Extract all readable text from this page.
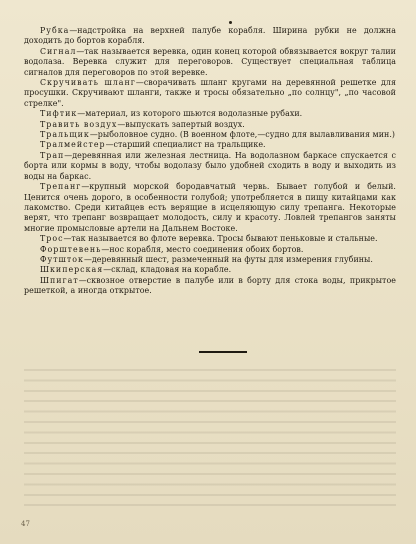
Рубка—надстройка на верхней палубе корабля. Ширина рубки не должна доходить до бортов корабля.

Сигнал—так называется веревка, один конец которой обвязывается вокруг талии водолаза. Веревка служит для переговоров. Существует специальная таблица сигналов для переговоров по этой веревке.

Скручивать шланг—сворачивать шланг кругами на деревянной решетке для просушки. Скручивают шланги, также и тросы обязательно „по солнцу", „по часовой стрелке".

Тифтик—материал, из которого шьются водолазные рубахи.

Травить воздух—выпускать запертый воздух.

Тральщик—рыболовное судно. (В военном флоте,—судно для вылавливания мин.)

Тралмейстер—старший специалист на тральщике.

Трап—деревянная или железная лестница. На водолазном баркасе спускается с борта или кормы в воду, чтобы водолазу было удобней сходить в воду и выходить из воды на баркас.

Трепанг—крупный морской бородавчатый червь. Бывает голубой и белый. Ценится очень дорого, в особенности голубой; употребляется в пищу китайцами как лакомство. Среди китайцев есть верящие в исцеляющую силу трепанга. Некоторые верят, что трепанг возвращает молодость, силу и красоту. Ловлей трепангов заняты многие промысловые артели на Дальнем Востоке.

Трос—так называется во флоте веревка. Тросы бывают пеньковые и стальные.

Форштевень—нос корабля, место соединения обоих бортов.

Футшток—деревянный шест, размеченный на футы для измерения глубины.

Шкиперская—склад, кладовая на корабле.

Шпигат—сквозное отверстие в палубе или в борту для стока воды, прикрытое решеткой, а иногда открытое.

47
